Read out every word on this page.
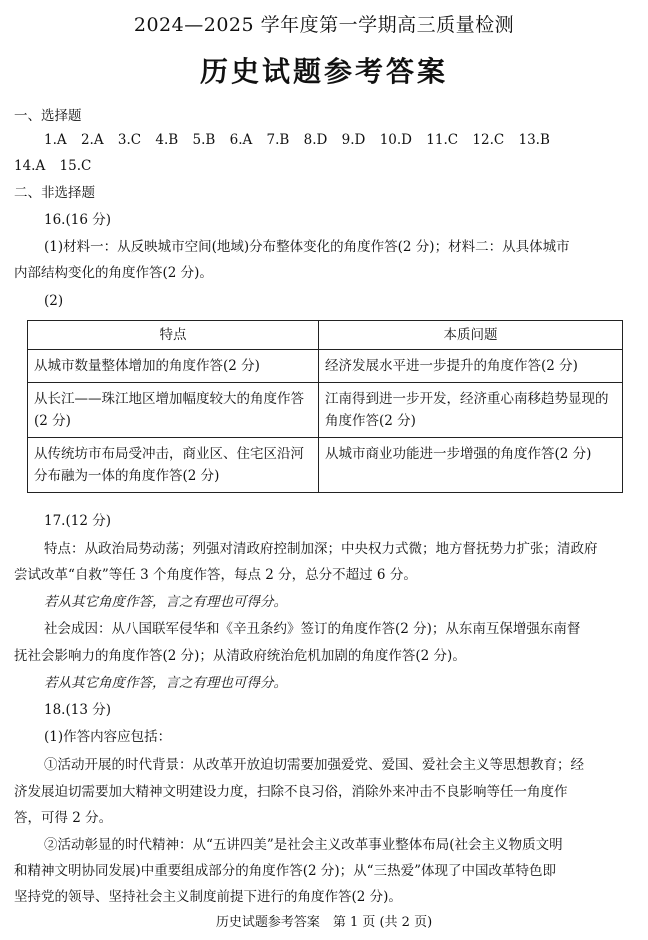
2024—2025 学年度第一学期高三质量检测
历史试题参考答案
一、选择题
1.A 2.A 3.C 4.B 5.B 6.A 7.B 8.D 9.D 10.D 11.C 12.C 13.B
14.A 15.C
二、非选择题
16.(16 分)
(1)材料一：从反映城市空间(地域)分布整体变化的角度作答(2 分)；材料二：从具体城市
内部结构变化的角度作答(2 分)。
(2)
特点	本质问题
从城市数量整体增加的角度作答(2 分)	经济发展水平进一步提升的角度作答(2 分)
从长江——珠江地区增加幅度较大的角度作答(2 分)	江南得到进一步开发，经济重心南移趋势显现的角度作答(2 分)
从传统坊市布局受冲击，商业区、住宅区沿河分布融为一体的角度作答(2 分)	从城市商业功能进一步增强的角度作答(2 分)
17.(12 分)
特点：从政治局势动荡；列强对清政府控制加深；中央权力式微；地方督抚势力扩张；清政府
尝试改革“自救”等任 3 个角度作答，每点 2 分，总分不超过 6 分。
若从其它角度作答，言之有理也可得分。
社会成因：从八国联军侵华和《辛丑条约》签订的角度作答(2 分)；从东南互保增强东南督
抚社会影响力的角度作答(2 分)；从清政府统治危机加剧的角度作答(2 分)。
若从其它角度作答，言之有理也可得分。
18.(13 分)
(1)作答内容应包括：
①活动开展的时代背景：从改革开放迫切需要加强爱党、爱国、爱社会主义等思想教育；经
济发展迫切需要加大精神文明建设力度，扫除不良习俗，消除外来冲击不良影响等任一角度作
答，可得 2 分。
②活动彰显的时代精神：从“五讲四美”是社会主义改革事业整体布局(社会主义物质文明
和精神文明协同发展)中重要组成部分的角度作答(2 分)；从“三热爱”体现了中国改革特色即
坚持党的领导、坚持社会主义制度前提下进行的角度作答(2 分)。
历史试题参考答案　第 1 页 (共 2 页)
